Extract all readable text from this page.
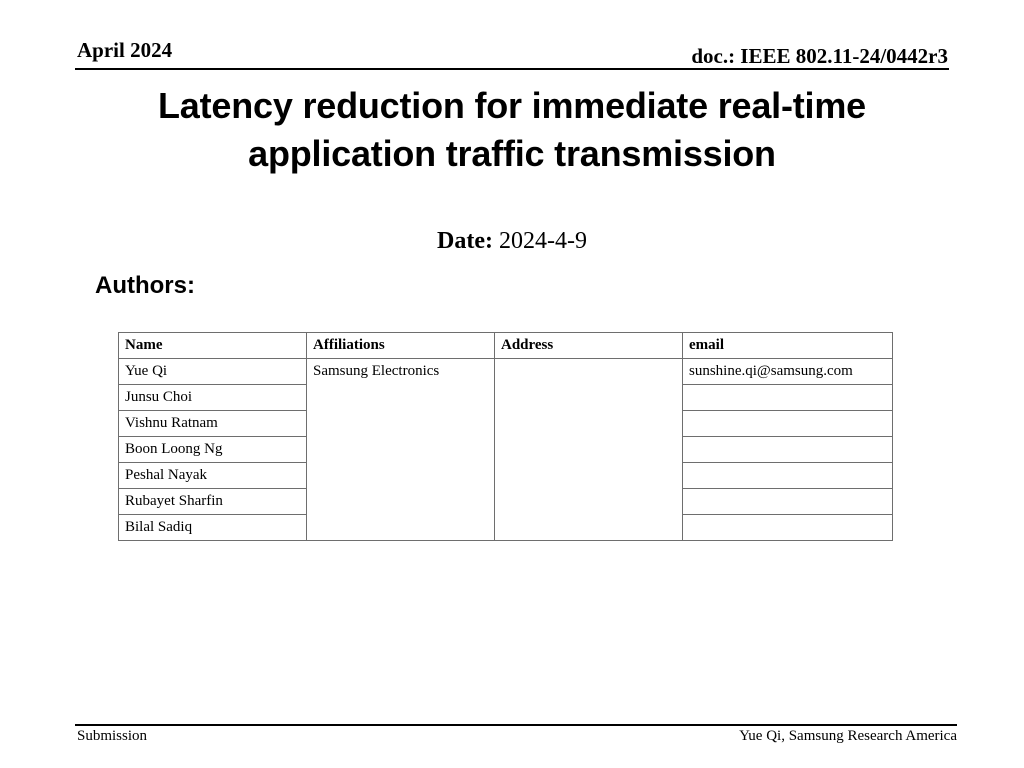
April 2024	doc.: IEEE 802.11-24/0442r3
Latency reduction for immediate real-time
application traffic transmission
Date: 2024-4-9
Authors:
Name	Affiliations	Address	email
Yue Qi	Samsung Electronics		sunshine.qi@samsung.com
Junsu Choi			
Vishnu Ratnam			
Boon Loong Ng			
Peshal Nayak			
Rubayet Sharfin			
Bilal Sadiq			
Submission	Yue Qi, Samsung Research America
